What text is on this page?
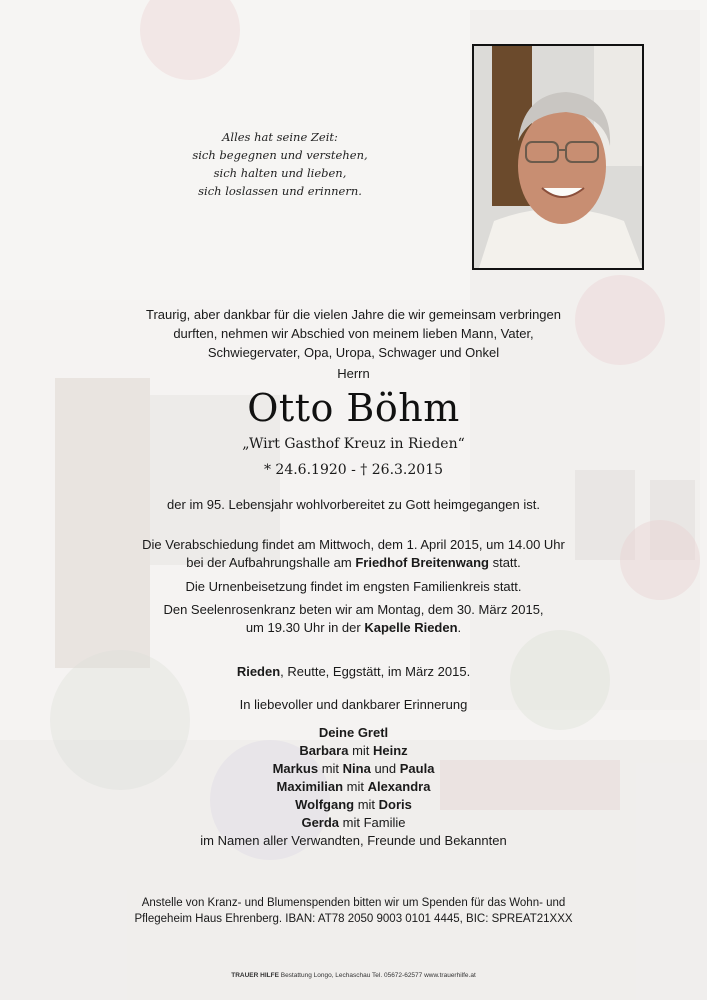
Alles hat seine Zeit:
sich begegnen und verstehen,
sich halten und lieben,
sich loslassen und erinnern.
Traurig, aber dankbar für die vielen Jahre die wir gemeinsam verbringen
durften, nehmen wir Abschied von meinem lieben Mann, Vater,
Schwiegervater, Opa, Uropa, Schwager und Onkel
Herrn
Otto Böhm
„Wirt Gasthof Kreuz in Rieden“
* 24.6.1920 - † 26.3.2015
der im 95. Lebensjahr wohlvorbereitet zu Gott heimgegangen ist.
Die Verabschiedung findet am Mittwoch, dem 1. April 2015, um 14.00 Uhr
bei der Aufbahrungshalle am Friedhof Breitenwang statt.
Die Urnenbeisetzung findet im engsten Familienkreis statt.
Den Seelenrosenkranz beten wir am Montag, dem 30. März 2015,
um 19.30 Uhr in der Kapelle Rieden.
Rieden, Reutte, Eggstätt, im März 2015.
In liebevoller und dankbarer Erinnerung
Deine Gretl
Barbara mit Heinz
Markus mit Nina und Paula
Maximilian mit Alexandra
Wolfgang mit Doris
Gerda mit Familie
im Namen aller Verwandten, Freunde und Bekannten
Anstelle von Kranz- und Blumenspenden bitten wir um Spenden für das Wohn- und
Pflegeheim Haus Ehrenberg. IBAN: AT78 2050 9003 0101 4445, BIC: SPREAT21XXX
TRAUER HILFE Bestattung Longo, Lechaschau Tel. 05672-62577 www.trauerhilfe.at
